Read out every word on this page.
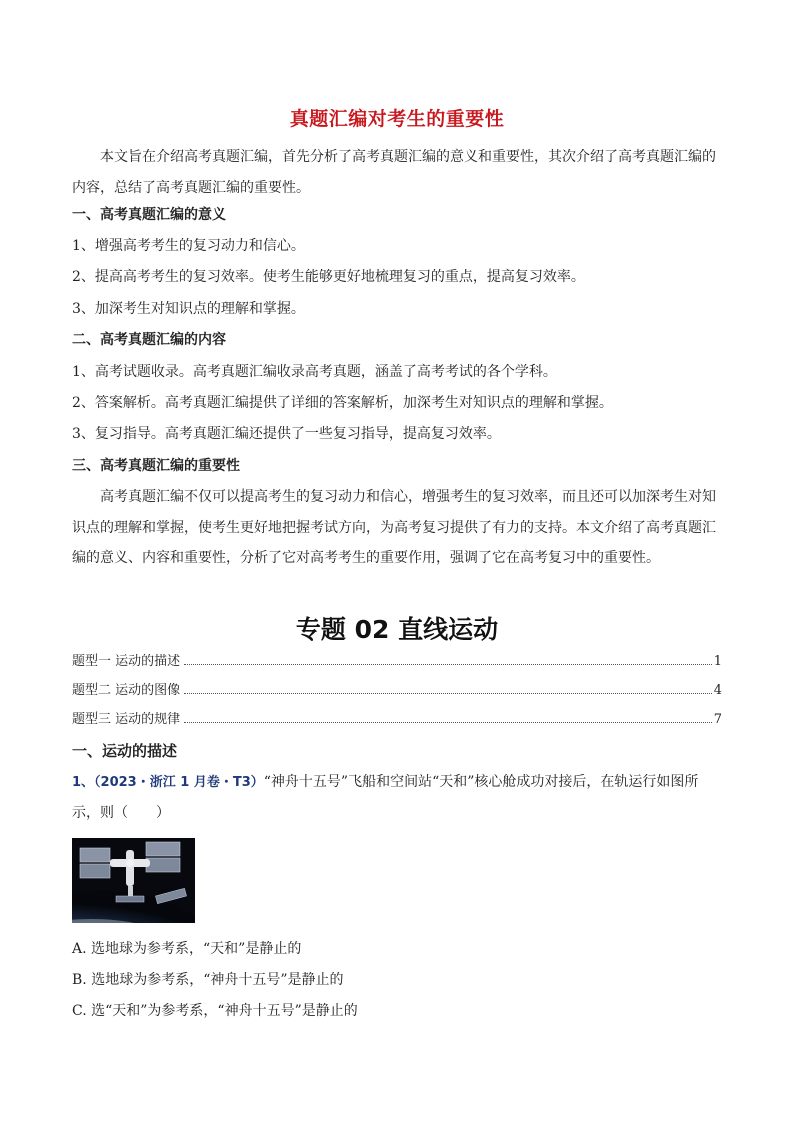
真题汇编对考生的重要性
本文旨在介绍高考真题汇编，首先分析了高考真题汇编的意义和重要性，其次介绍了高考真题汇编的内容，总结了高考真题汇编的重要性。
一、高考真题汇编的意义
1、增强高考考生的复习动力和信心。
2、提高高考考生的复习效率。使考生能够更好地梳理复习的重点，提高复习效率。
3、加深考生对知识点的理解和掌握。
二、高考真题汇编的内容
1、高考试题收录。高考真题汇编收录高考真题，涵盖了高考考试的各个学科。
2、答案解析。高考真题汇编提供了详细的答案解析，加深考生对知识点的理解和掌握。
3、复习指导。高考真题汇编还提供了一些复习指导，提高复习效率。
三、高考真题汇编的重要性
高考真题汇编不仅可以提高考生的复习动力和信心，增强考生的复习效率，而且还可以加深考生对知识点的理解和掌握，使考生更好地把握考试方向，为高考复习提供了有力的支持。本文介绍了高考真题汇编的意义、内容和重要性，分析了它对高考考生的重要作用，强调了它在高考复习中的重要性。
专题 02 直线运动
题型一 运动的描述	1
题型二 运动的图像	4
题型三 运动的规律	7
一、运动的描述
1、（2023・浙江 1 月卷・T3）“神舟十五号”飞船和空间站“天和”核心舱成功对接后，在轨运行如图所
示，则（　　）
A. 选地球为参考系，“天和”是静止的
B. 选地球为参考系，“神舟十五号”是静止的
C. 选“天和”为参考系，“神舟十五号”是静止的
